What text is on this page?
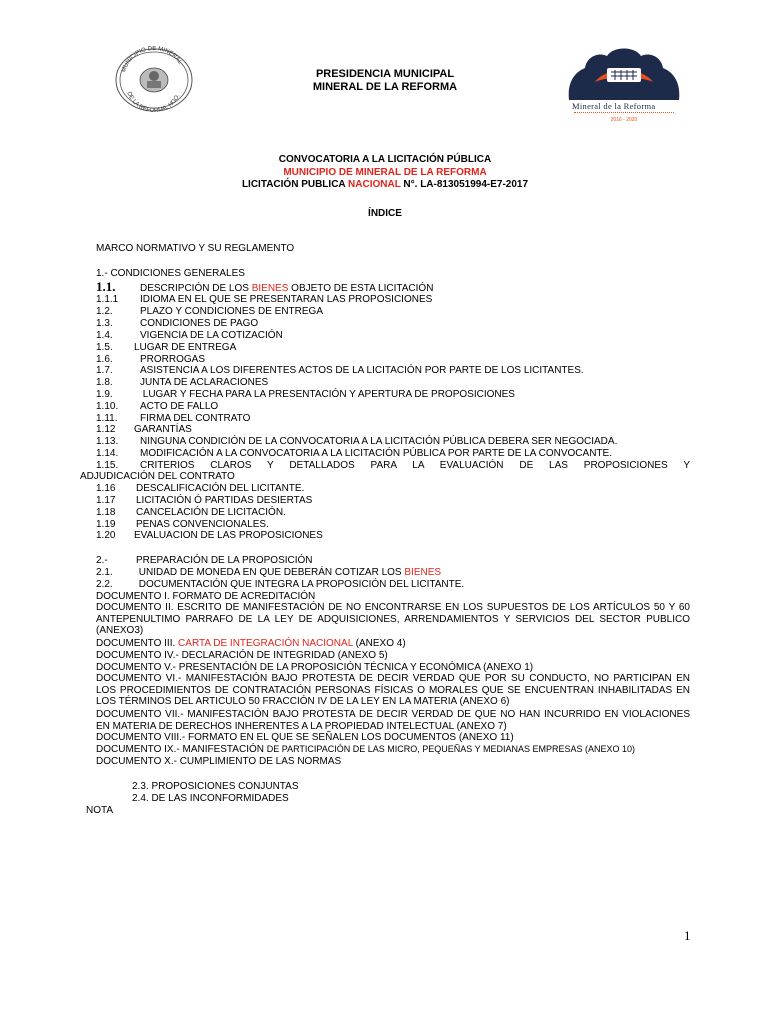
MUNICIPIO DE MINERAL
DE LA REFORMA, HGO.
PRESIDENCIA MUNICIPAL
MINERAL DE LA REFORMA
Mineral de la Reforma
2016 - 2020
CONVOCATORIA A LA LICITACIÓN PÚBLICA
MUNICIPIO DE MINERAL DE LA REFORMA
LICITACIÓN PUBLICA NACIONAL N°. LA-813051994-E7-2017
ÍNDICE
MARCO NORMATIVO Y SU REGLAMENTO
1.- CONDICIONES GENERALES
1.1. DESCRIPCIÓN DE LOS BIENES OBJETO DE ESTA LICITACIÓN
1.1.1 IDIOMA EN EL QUE SE PRESENTARAN LAS PROPOSICIONES
1.2.	PLAZO Y CONDICIONES DE ENTREGA
1.3.	CONDICIONES DE PAGO
1.4.	VIGENCIA DE LA COTIZACIÓN
1.5. LUGAR DE ENTREGA
1.6.	PRORROGAS
1.7.	ASISTENCIA A LOS DIFERENTES ACTOS DE LA LICITACIÓN POR PARTE DE LOS LICITANTES.
1.8.	JUNTA DE ACLARACIONES
1.9.	LUGAR Y FECHA PARA LA PRESENTACIÓN Y APERTURA DE PROPOSICIONES
1.10. ACTO DE FALLO
1.11. FIRMA DEL CONTRATO
1.12 GARANTÍAS
1.13. NINGUNA CONDICIÓN DE LA CONVOCATORIA A LA LICITACIÓN PÚBLICA DEBERA SER NEGOCIADA.
1.14. MODIFICACIÓN A LA CONVOCATORIA A LA LICITACIÓN PÚBLICA POR PARTE DE LA CONVOCANTE.
1.15.	CRITERIOS CLAROS Y DETALLADOS PARA LA EVALUACIÓN DE LAS PROPOSICIONES Y
ADJUDICACIÓN DEL CONTRATO
1.16 DESCALIFICACIÓN DEL LICITANTE.
1.17 LICITACIÓN Ó PARTIDAS DESIERTAS
1.18 CANCELACIÓN DE LICITACIÓN.
1.19 PENAS CONVENCIONALES.
1.20 EVALUACION DE LAS PROPOSICIONES
2.-	PREPARACIÓN DE LA PROPOSICIÓN
2.1. UNIDAD DE MONEDA EN QUE DEBERÁN COTIZAR LOS BIENES
2.2. DOCUMENTACIÓN QUE INTEGRA LA PROPOSICIÓN DEL LICITANTE.
DOCUMENTO I. FORMATO DE ACREDITACIÓN
DOCUMENTO II. ESCRITO DE MANIFESTACIÓN DE NO ENCONTRARSE EN LOS SUPUESTOS DE LOS ARTÍCULOS 50 Y 60 ANTEPENULTIMO PARRAFO DE LA LEY DE ADQUISICIONES, ARRENDAMIENTOS Y SERVICIOS DEL SECTOR PUBLICO (ANEXO3)
DOCUMENTO III. CARTA DE INTEGRACIÓN NACIONAL (ANEXO 4)
DOCUMENTO IV.- DECLARACIÓN DE INTEGRIDAD (ANEXO 5)
DOCUMENTO V.- PRESENTACIÓN DE LA PROPOSICIÓN TÉCNICA Y ECONÓMICA (ANEXO 1)
DOCUMENTO VI.- MANIFESTACIÓN BAJO PROTESTA DE DECIR VERDAD QUE POR SU CONDUCTO, NO PARTICIPAN EN LOS PROCEDIMIENTOS DE CONTRATACIÓN PERSONAS FÍSICAS O MORALES QUE SE ENCUENTRAN INHABILITADAS EN LOS TÉRMINOS DEL ARTICULO 50 FRACCIÓN IV DE LA LEY EN LA MATERIA (ANEXO 6)
DOCUMENTO VII.- MANIFESTACIÓN BAJO PROTESTA DE DECIR VERDAD DE QUE NO HAN INCURRIDO EN VIOLACIONES EN MATERIA DE DERECHOS INHERENTES A LA PROPIEDAD INTELECTUAL (ANEXO 7)
DOCUMENTO VIII.- FORMATO EN EL QUE SE SEÑALEN LOS DOCUMENTOS (ANEXO 11)
DOCUMENTO IX.- MANIFESTACIÓN DE PARTICIPACIÓN DE LAS MICRO, PEQUEÑAS Y MEDIANAS EMPRESAS (ANEXO 10)
DOCUMENTO X.- CUMPLIMIENTO DE LAS NORMAS
2.3. PROPOSICIONES CONJUNTAS
2.4. DE LAS INCONFORMIDADES
NOTA
1
